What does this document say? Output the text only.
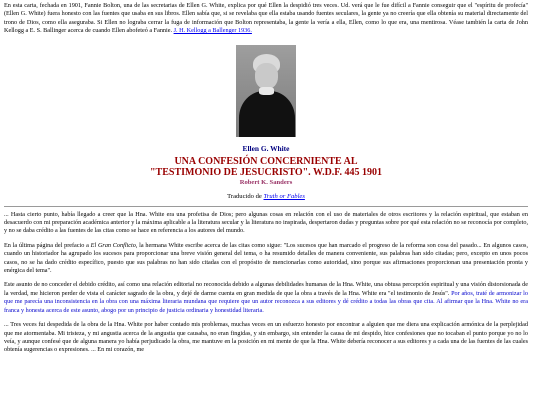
En esta carta, fechada en 1901, Fannie Bolton, una de las secretarias de Ellen G. White, explica por qué Ellen la despidió tres veces. Ud. verá que le fue difícil a Fannie conseguir que el "espíritu de profecía" (Ellen G. White) fuera honesto con las fuentes que usaba en sus libros. Ellen sabía que, si se revelaba que ella estaba usando fuentes seculares, la gente ya no creería que ella obtenía su material directamente del trono de Dios, como ella aseguraba. Si Ellen no lograba cerrar la fuga de información que Bolton representaba, la gente la vería a ella, Ellen, como lo que era, una mentirosa. Véase también la carta de John Kellogg a E. S. Ballinger acerca de cuando Ellen abofeteó a Fannie. J. H. Kellogg a Ballenger 1936.

Ellen G. White
UNA CONFESIÓN CONCERNIENTE AL
"TESTIMONIO DE JESUCRISTO". W.D.F. 445 1901
Robert K. Sanders
Traducido de Truth or Fables

... Hasta cierto punto, había llegado a creer que la Hna. White era una profetisa de Dios; pero algunas cosas en relación con el uso de materiales de otros escritores y la relación espiritual, que estaban en desacuerdo con mi preparación académica anterior y la máxima aplicable a la literatura secular y la literatura no inspirada, despertaron dudas y preguntas sobre por qué esta relación no se reconocía por completo, y no se daba crédito a las fuentes de las citas como se hace en referencia a los autores del mundo.

En la última página del prefacio a El Gran Conflicto, la hermana White escribe acerca de las citas como sigue: "Los sucesos que han marcado el progreso de la reforma son cosa del pasado... En algunos casos, cuando un historiador ha agrupado los sucesos para proporcionar una breve visión general del tema, o ha resumido detalles de manera conveniente, sus palabras han sido citadas; pero, excepto en unos pocos casos, no se ha dado crédito específico, puesto que sus palabras no han sido citadas con el propósito de mencionarlas como autoridad, sino porque sus afirmaciones proporcionan una presentación pronta y enérgica del tema".

Este asunto de no conceder el debido crédito, así como una relación editorial no reconocida debido a algunas debilidades humanas de la Hna. White, una obtusa percepción espiritual y una visión distorsionada de la verdad, me hicieron perder de vista el carácter sagrado de la obra, y dejé de darme cuenta en gran medida de que la obra a través de la Hna. White era "el testimonio de Jesús". Por años, traté de armonizar lo que me parecía una inconsistencia en la obra con una máxima literaria mundana que requiere que un autor reconozca a sus editores y dé crédito a todas las obras que cita. Al afirmar que la Hna. White no era franca y honesta acerca de este asunto, abogo por un principio de justicia ordinaria y honestidad literaria.

... Tres veces fui despedida de la obra de la Hna. White por haber contado mis problemas, muchas veces en un esfuerzo honesto por encontrar a alguien que me diera una explicación armónica de la perplejidad que me atormentaba. Mi tristeza, y mi angustia acerca de la angustia que causaba, no eran fingidas, y sin embargo, sin entender la causa de mi despido, hice confesiones que no tocaban el punto porque yo no lo veía, y aunque confesé que de alguna manera yo había perjudicado la obra, me mantuve en la posición en mi mente de que la Hna. White debería reconocer a sus editores y a cada una de las fuentes de las cuales obtenía sugerencias o expresiones. ... En mi corazón, me
